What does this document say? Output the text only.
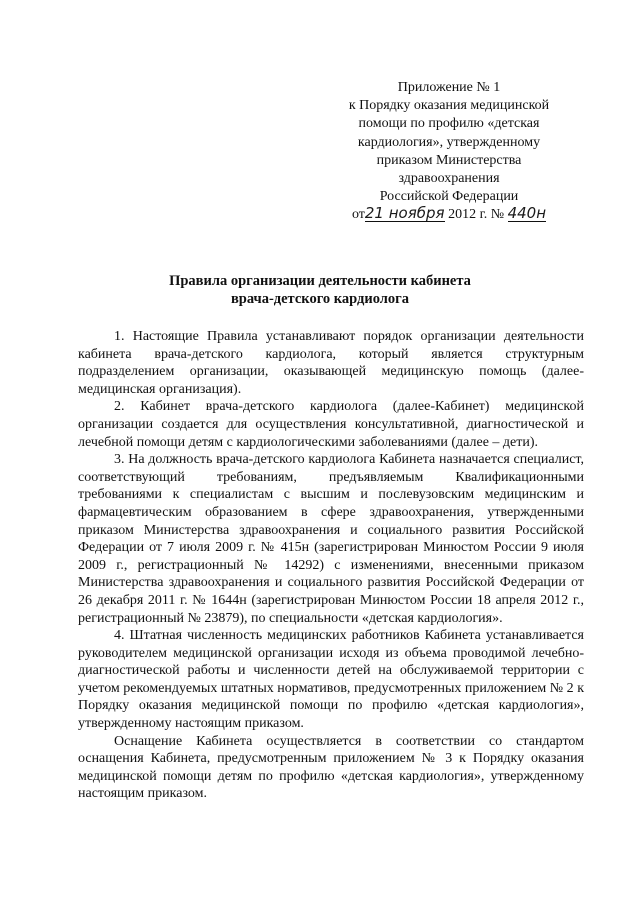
Приложение № 1
к Порядку оказания медицинской
помощи по профилю «детская
кардиология», утвержденному
приказом Министерства
здравоохранения
Российской Федерации
от21 ноября 2012 г. № 440н
Правила организации деятельности кабинета
врача-детского кардиолога

1. Настоящие Правила устанавливают порядок организации деятельности кабинета врача-детского кардиолога, который является структурным подразделением организации, оказывающей медицинскую помощь (далее-медицинская организация).

2. Кабинет врача-детского кардиолога (далее-Кабинет) медицинской организации создается для осуществления консультативной, диагностической и лечебной помощи детям с кардиологическими заболеваниями (далее – дети).

3. На должность врача-детского кардиолога Кабинета назначается специалист, соответствующий требованиям, предъявляемым Квалификационными требованиями к специалистам с высшим и послевузовским медицинским и фармацевтическим образованием в сфере здравоохранения, утвержденными приказом Министерства здравоохранения и социального развития Российской Федерации от 7 июля 2009 г. № 415н (зарегистрирован Минюстом России 9 июля 2009 г., регистрационный № 14292) с изменениями, внесенными приказом Министерства здравоохранения и социального развития Российской Федерации от 26 декабря 2011 г. № 1644н (зарегистрирован Минюстом России 18 апреля 2012 г., регистрационный № 23879), по специальности «детская кардиология».

4. Штатная численность медицинских работников Кабинета устанавливается руководителем медицинской организации исходя из объема проводимой лечебно-диагностической работы и численности детей на обслуживаемой территории с учетом рекомендуемых штатных нормативов, предусмотренных приложением № 2 к Порядку оказания медицинской помощи по профилю «детская кардиология», утвержденному настоящим приказом.

Оснащение Кабинета осуществляется в соответствии со стандартом оснащения Кабинета, предусмотренным приложением № 3 к Порядку оказания медицинской помощи детям по профилю «детская кардиология», утвержденному настоящим приказом.
